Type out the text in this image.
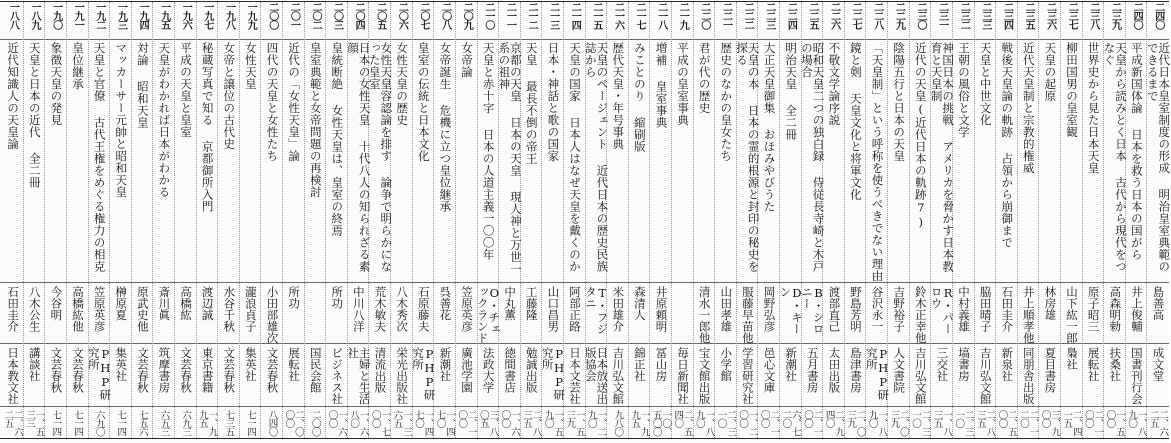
二四〇
近代日本皇室制度の形成 明治皇室典範のできるまで
島善高
成文堂
二、六二五
二四〇
平成新国体論 日本を救う日本の国がら
井上俊輔
国書刊行会
一、八九〇
二三九
天皇から読みとく日本 古代から現代をつなぐ
高森明勅
扶桑社
一、五〇〇
二三八
世界史から見た日本天皇
原子昭三
展転社
二、一〇〇
二三七
柳田国男の皇室観
山下紘一郎
梟社
二、四一五
二三六
天皇の起原
林房雄
夏目書房
三、九〇〇
二三五
近代天皇制と宗教的権威
井上順孝他
同朋舎出版
二、一二〇
二三四
戦後天皇論の軌跡 占領から崩御まで
石田圭介
新泉社
二、五〇〇
二三三
天皇と中世文化
脇田晴子
吉川弘文館
二、八三五
二三二
王朝の風俗と文学
中村義雄
塙書房
二、三一〇
二三一
神国日本の挑戦 アメリカを脅かす日本教育と天皇制
R・パーロウ
三交社
一、八三五
二三〇
近代の天皇(近代日本の軌跡7)
鈴木正幸他
吉川弘文館
二、三一〇
二二九
陰陽五行と日本の天皇
吉野裕子
人文書院
二、〇三九
二二八
「天皇制」という呼称を使うべきでない理由
谷沢永一
PHP研究所
一、八九〇
二二七
鏡と剣 天皇文化と将軍文化
野島芳明
島津書房
二、〇三九
二二六
不敬文学論序説
渡部直己
太田出版
二、九四〇
二二五
昭和天皇二つの独白録 侍従長寺崎と木戸の場合
B・シロニー
五月書房
二、一〇〇
二二四
明治天皇 全二冊
D・キーン
新潮社
六、七二〇
二二三
大正天皇御集 おほみやびうた
岡野弘彦
邑心文庫
二、一〇〇
二二二
天皇の本 日本の霊的根源と封印の秘史を探る
服藤早苗他
学習研究社
一、二〇〇
二二一
歴史のなかの皇女たち
山田孝雄
小学館
二、三一〇
二二〇
君が代の歴史
清水一郎他
宝文館出版
一、八九〇
二一九
平成の皇室事典
毎日新聞社
二、五四〇
二一八
増補 皇室事典
井原頼明
冨山房
一〇、五〇〇
二一七
みことのり 縮刷版
森清人
錦正社
一、九九五
二一六
歴代天皇・年号事典
米田雄介
吉川弘文館
九八〇
二一五
天皇のページェント 近代日本の歴史民族誌から
T・フジタニ
日本放送出版協会
一、二九〇
二一四
天皇の国家 日本人はなぜ天皇を戴くのか
阿部正路
日本文芸社
一、五三九
二一三
日本・神話と歌の国家
山口昌男
PHP研究所
一、五九〇
二一二
天皇 最長不倒の帝王
工藤隆
勉誠出版
二、八三五
二一一
京都の天皇 日本の天皇 現人神と万世一系の祖神
中丸薫
徳間書店
一、六〇〇
二一〇
天皇と赤十字 日本の人道主義一〇〇年
O・チェックランド
法政大学
三、八〇五
二〇九
女帝論
笠原英彦
廣池学園
二、一〇〇
二〇八
女帝誕生 危機に立つ皇位継承
呉善花
新潮社
一、四七〇
二〇七
皇室の伝統と日本文化
石原藤夫
PHP研究所
一、四七〇
二〇六
女性天皇の歴史
八木秀次
栄光出版社
一、三六五
二〇五
女性天皇容認論を排す 論争で明らかになった皇室
荒木敏夫
清流出版
一、七〇〇
二〇四
日本の女性天皇 十代八人の知られざる素顔
中川八洋
主婦と生活社
一、六八〇
二〇三
皇統断絶 女性天皇は、皇室の終焉
所功
ビジネス社
一、六〇〇
二〇二
皇室典範と女帝問題の再検討
国民会館
二〇〇
二〇一
近代の「女性天皇」論
所功
展転社
二、〇〇〇
二〇〇
四代の天皇と女性たち
小田部雄次
文芸春秋
八四〇
一九九
女性天皇
瀧浪貞子
集英社
七一四
一九八
女帝と譲位の古代史
水谷千秋
文芸春秋
七三五
一九七
秘蔵写真で知る 京都御所入門
渡辺誠
東京書籍
一、九九五
一九六
平成の天皇と皇室
高橋紘
文芸春秋
六九三
一九五
天皇がわかれば日本がわかる
斎川眞
筑摩書房
六五三
一九四
対論 昭和天皇
原武史他
文芸春秋
七五六
一九三
マッカーサー元帥と昭和天皇
榊原夏
集英社
七一四
一九二
天皇と官僚 古代王権をめぐる権力の相克
笠原英彦
PHP研究所
六九〇
一九一
皇位継承
高橋紘他
文芸春秋
七一四
一九〇
象徴天皇の発見
今谷明
文芸春秋
七一四
一八九
天皇と日本の近代 全二冊
八木公生
講談社
一、五三三
一八八
近代知識人の天皇論
石田圭介
日本教文社
二、六二五
